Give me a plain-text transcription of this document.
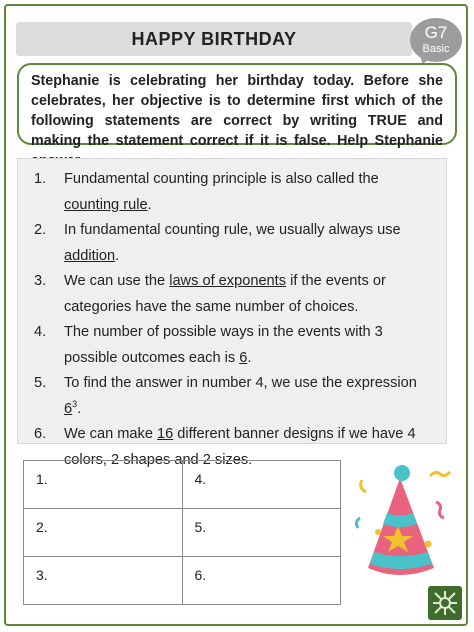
HAPPY BIRTHDAY	G7
Basic
Stephanie is celebrating her birthday today. Before she celebrates, her objective is to determine first which of the following statements are correct by writing TRUE and making the statement correct if it is false. Help Stephanie
1.	Fundamental counting principle is also called the counting rule.
2.	In fundamental counting rule, we usually always use addition.
3.	We can use the laws of exponents if the events or categories have the same number of choices.
4.	The number of possible ways in the events with 3 possible outcomes each is 6.
5.	To find the answer in number 4, we use the expression $6^3$.
6.	We can make 16 different banner designs if we have 4 colors, 2 shapes and 2 sizes.
1.	4.
2.	5.
3.	6.
